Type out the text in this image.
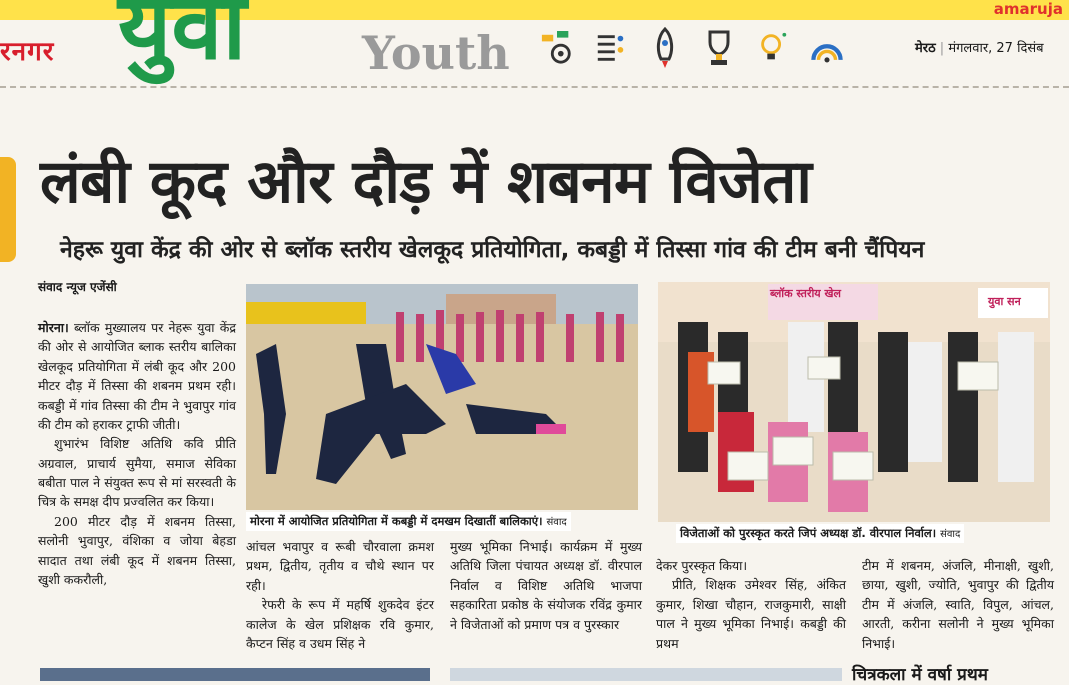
amaruja
रनगर युवा	Youth	मेरठ | मंगलवार, 27 दिसंब
लंबी कूद और दौड़ में शबनम विजेता
नेहरू युवा केंद्र की ओर से ब्लॉक स्तरीय खेलकूद प्रतियोगिता, कबड्डी में तिस्सा गांव की टीम बनी चैंपियन
संवाद न्यूज एजेंसी

मोरना। ब्लॉक मुख्यालय पर नेहरू युवा केंद्र की ओर से आयोजित ब्लाक स्तरीय बालिका खेलकूद प्रतियोगिता में लंबी कूद और 200 मीटर दौड़ में तिस्सा की शबनम प्रथम रही। कबड्डी में गांव तिस्सा की टीम ने भुवापुर गांव की टीम को हराकर ट्राफी जीती।

शुभारंभ विशिष्ट अतिथि कवि प्रीति अग्रवाल, प्राचार्य सुमैया, समाज सेविका बबीता पाल ने संयुक्त रूप से मां सरस्वती के चित्र के समक्ष दीप प्रज्वलित कर किया।

200 मीटर दौड़ में शबनम तिस्सा, सलोनी भुवापुर, वंशिका व जोया बेहडा सादात तथा लंबी कूद में शबनम तिस्सा, खुशी ककरौली,

मोरना में आयोजित प्रतियोगिता में कबड्डी में दमखम दिखातीं बालिकाएं। संवाद
ब्लॉक स्तरीय खेल
युवा सन
विजेताओं को पुरस्कृत करते जिपं अध्यक्ष डॉ. वीरपाल निर्वाल। संवाद

आंचल भवापुर व रूबी चौरवाला क्रमश प्रथम, द्वितीय, तृतीय व चौथे स्थान पर रही।

रेफरी के रूप में महर्षि शुकदेव इंटर कालेज के खेल प्रशिक्षक रवि कुमार, कैप्टन सिंह व उधम सिंह ने

मुख्य भूमिका निभाई। कार्यक्रम में मुख्य अतिथि जिला पंचायत अध्यक्ष डॉ. वीरपाल निर्वाल व विशिष्ट अतिथि भाजपा सहकारिता प्रकोष्ठ के संयोजक रविंद्र कुमार ने विजेताओं को प्रमाण पत्र व पुरस्कार

देकर पुरस्कृत किया।

प्रीति, शिक्षक उमेश्वर सिंह, अंकित कुमार, शिखा चौहान, राजकुमारी, साक्षी पाल ने मुख्य भूमिका निभाई। कबड्डी की प्रथम

टीम में शबनम, अंजलि, मीनाक्षी, खुशी, छाया, खुशी, ज्योति, भुवापुर की द्वितीय टीम में अंजलि, स्वाति, विपुल, आंचल, आरती, करीना सलोनी ने मुख्य भूमिका निभाई।

चित्रकला में वर्षा प्रथम
